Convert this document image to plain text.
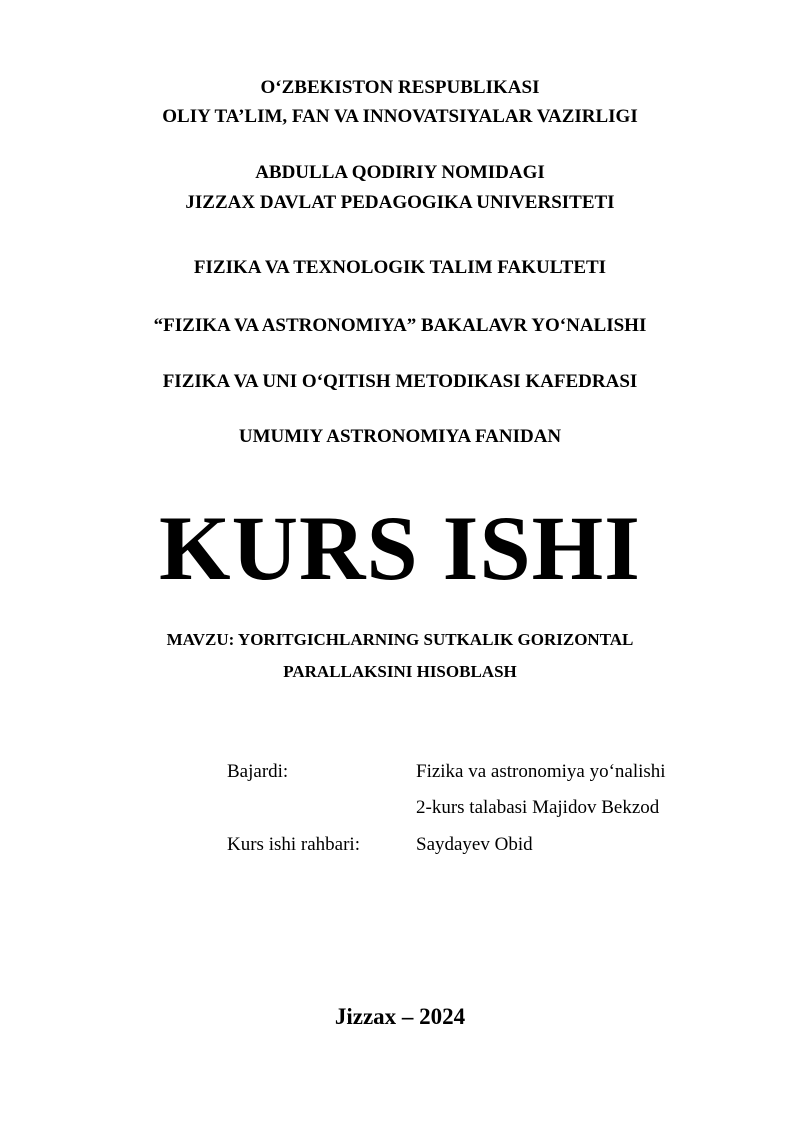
O‘ZBEKISTON RESPUBLIKASI
OLIY TA’LIM, FAN VA INNOVATSIYALAR VAZIRLIGI
ABDULLA QODIRIY NOMIDAGI
JIZZAX DAVLAT PEDAGOGIKA UNIVERSITETI
FIZIKA VA TEXNOLOGIK TALIM FAKULTETI
“FIZIKA VA ASTRONOMIYA” BAKALAVR YO‘NALISHI
FIZIKA VA UNI O‘QITISH METODIKASI KAFEDRASI
UMUMIY ASTRONOMIYA FANIDAN
KURS ISHI
MAVZU: YORITGICHLARNING SUTKALIK GORIZONTAL
PARALLAKSINI HISOBLASH
Bajardi:	Fizika va astronomiya yo‘nalishi
2-kurs talabasi Majidov Bekzod
Kurs ishi rahbari:	Saydayev Obid
Jizzax – 2024
